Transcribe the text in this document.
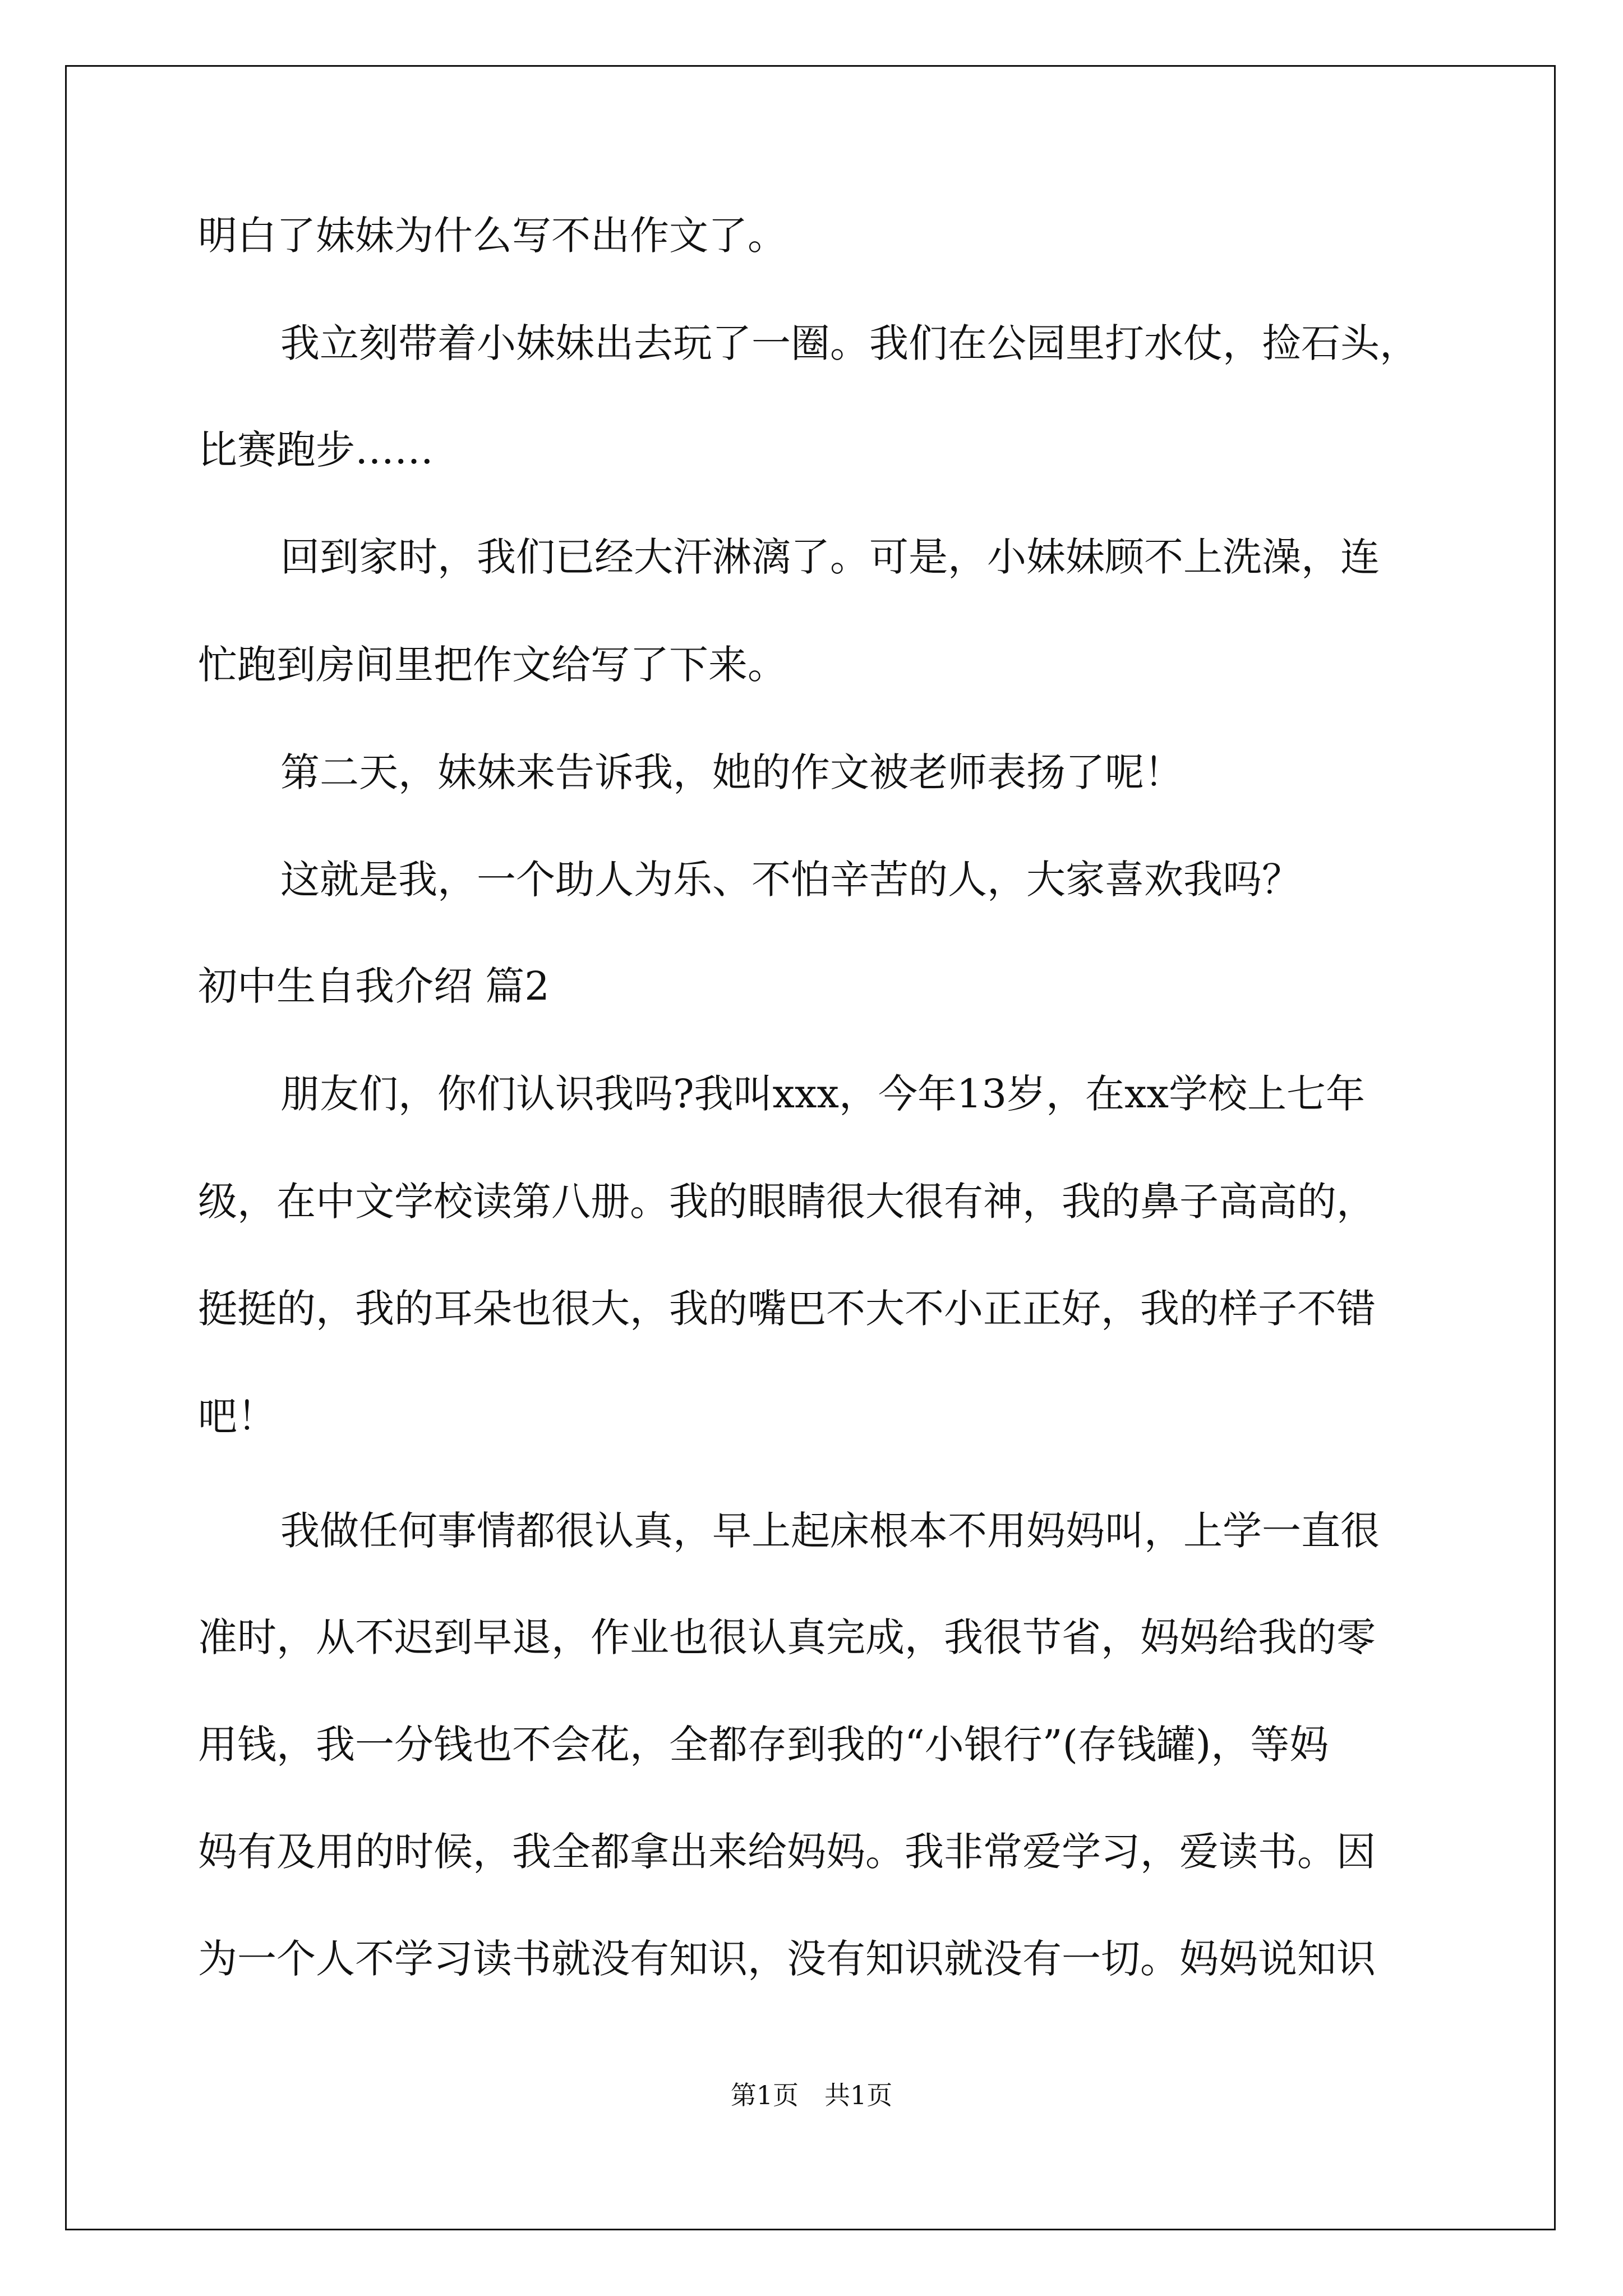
明白了妹妹为什么写不出作文了。

我立刻带着小妹妹出去玩了一圈。我们在公园里打水仗，捡石头，

比赛跑步……

回到家时，我们已经大汗淋漓了。可是，小妹妹顾不上洗澡，连

忙跑到房间里把作文给写了下来。

第二天，妹妹来告诉我，她的作文被老师表扬了呢！

这就是我，一个助人为乐、不怕辛苦的人，大家喜欢我吗？

初中生自我介绍 篇2

朋友们，你们认识我吗?我叫xxx，今年13岁，在xx学校上七年

级，在中文学校读第八册。我的眼睛很大很有神，我的鼻子高高的，

挺挺的，我的耳朵也很大，我的嘴巴不大不小正正好，我的样子不错

吧！

我做任何事情都很认真，早上起床根本不用妈妈叫，上学一直很

准时，从不迟到早退，作业也很认真完成，我很节省，妈妈给我的零

用钱，我一分钱也不会花，全都存到我的“小银行”(存钱罐)，等妈

妈有及用的时候，我全都拿出来给妈妈。我非常爱学习，爱读书。因

为一个人不学习读书就没有知识，没有知识就没有一切。妈妈说知识

第1页　共1页
